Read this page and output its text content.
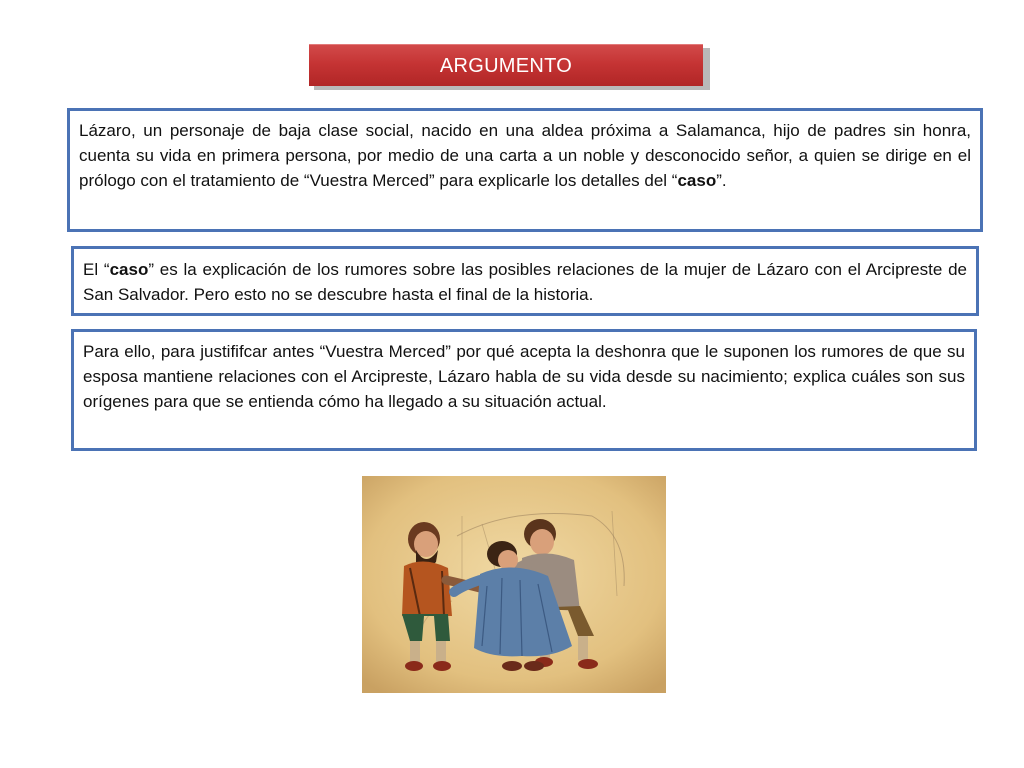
ARGUMENTO
Lázaro, un personaje de baja clase social, nacido en una aldea próxima a Salamanca, hijo de padres sin honra, cuenta su vida en primera persona, por medio de una carta a un noble y desconocido señor, a quien se dirige en el prólogo con el tratamiento de “Vuestra Merced” para explicarle los detalles del “caso”.
El “caso” es la explicación de los rumores sobre las posibles relaciones de la mujer de Lázaro con el Arcipreste de San Salvador. Pero esto no se descubre hasta el final de la historia.
Para ello, para justififcar antes “Vuestra Merced” por qué acepta la deshonra que le suponen los rumores de que su esposa mantiene relaciones con el Arcipreste, Lázaro habla de su vida desde su nacimiento; explica cuáles son sus orígenes para que se entienda cómo ha llegado a su situación actual.
